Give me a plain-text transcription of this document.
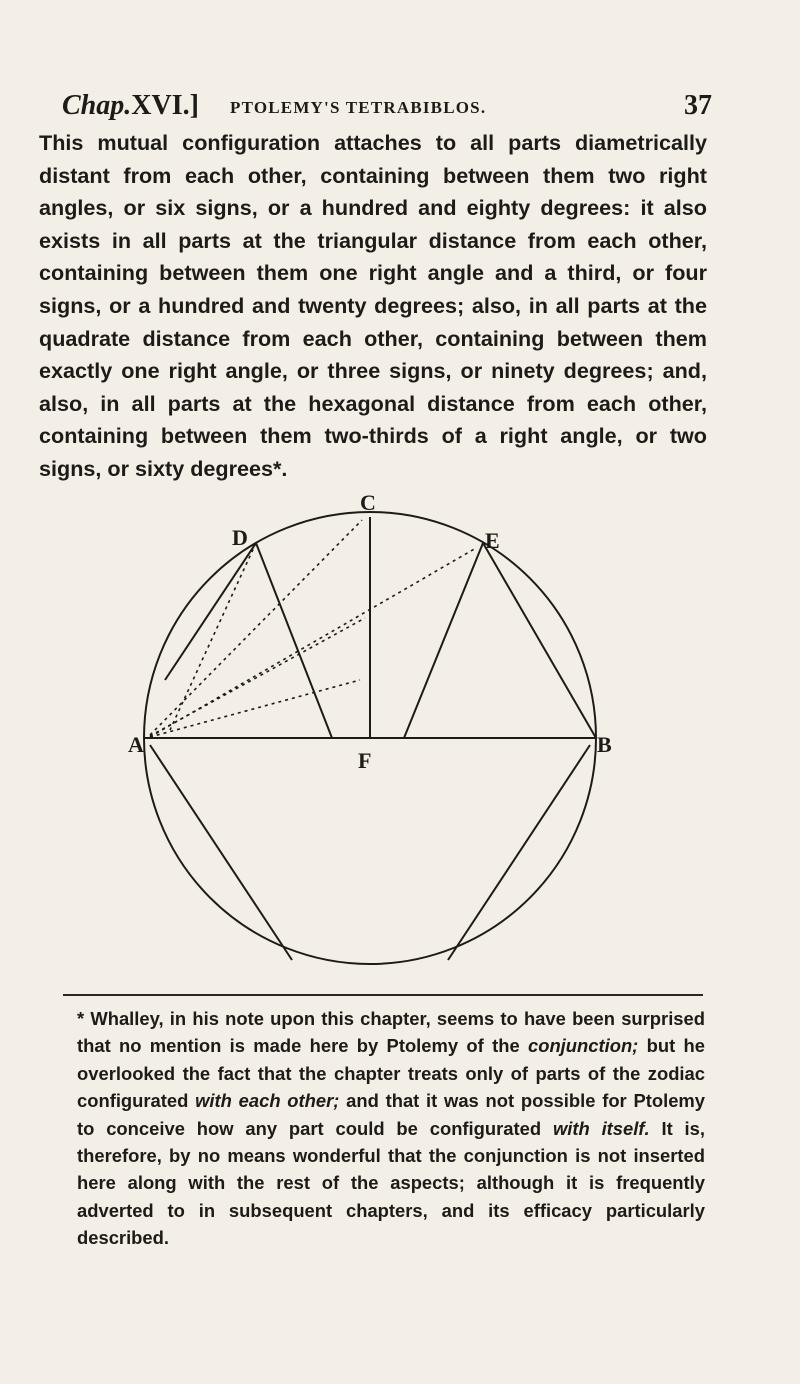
Chap.XVI.] PTOLEMY'S TETRABIBLOS.	37
This mutual configuration attaches to all parts diametrically distant from each other, containing between them two right angles, or six signs, or a hundred and eighty degrees: it also exists in all parts at the triangular distance from each other, containing between them one right angle and a third, or four signs, or a hundred and twenty degrees; also, in all parts at the quadrate distance from each other, containing between them exactly one right angle, or three signs, or ninety degrees; and, also, in all parts at the hexagonal distance from each other, containing between them two-thirds of a right angle, or two signs, or sixty degrees*.
C
D	E
A	B
F
* Whalley, in his note upon this chapter, seems to have been surprised that no mention is made here by Ptolemy of the conjunction; but he overlooked the fact that the chapter treats only of parts of the zodiac configurated with each other; and that it was not possible for Ptolemy to conceive how any part could be configurated with itself. It is, therefore, by no means wonderful that the conjunction is not inserted here along with the rest of the aspects; although it is frequently adverted to in subsequent chapters, and its efficacy particularly described.
